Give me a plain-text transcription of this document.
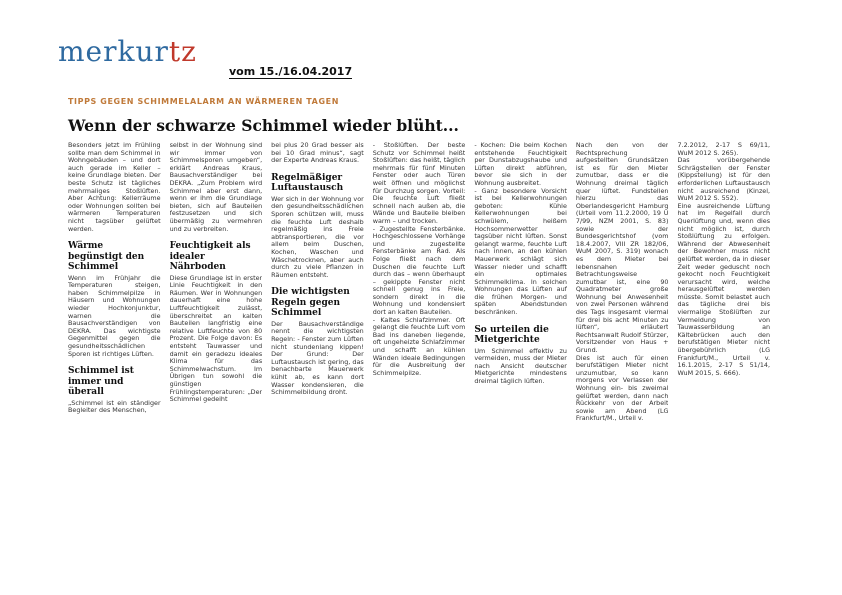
merkurtz
vom 15./16.04.2017
TIPPS GEGEN SCHIMMELALARM AN WÄRMEREN TAGEN
Wenn der schwarze Schimmel wieder blüht...

Besonders jetzt im Frühling sollte man dem Schimmel in Wohngebäuden – und dort auch gerade im Keller – keine Grundlage bieten. Der beste Schutz ist tägliches mehrmaliges Stoßlüften. Aber Achtung: Kellerräume oder Wohnungen sollten bei wärmeren Temperaturen nicht tagsüber gelüftet werden.

Wärme begünstigt den Schimmel

Wenn im Frühjahr die Temperaturen steigen, haben Schimmelpilze in Häusern und Wohnungen wieder Hochkonjunktur, warnen die Bausachverständigen von DEKRA. Das wichtigste Gegenmittel gegen die gesundheitsschädlichen Sporen ist richtiges Lüften.

Schimmel ist immer und überall

„Schimmel ist ein ständiger Begleiter des Menschen,

selbst in der Wohnung sind wir immer von Schimmelsporen umgeben“, erklärt Andreas Kraus, Bausachverständiger bei DEKRA. „Zum Problem wird Schimmel aber erst dann, wenn er ihm die Grundlage bieten, sich auf Bauteilen festzusetzen und sich übermäßig zu vermehren und zu verbreiten.

Feuchtigkeit als idealer Nährboden

Diese Grundlage ist in erster Linie Feuchtigkeit in den Räumen. Wer in Wohnungen dauerhaft eine hohe Luftfeuchtigkeit zulässt, überschreitet an kalten Bauteilen langfristig eine relative Luftfeuchte von 80 Prozent. Die Folge davon: Es entsteht Tauwasser und damit ein geradezu ideales Klima für das Schimmelwachstum. Im Übrigen tun sowohl die günstigen Frühlingstemperaturen: „Der Schimmel gedeiht

bei plus 20 Grad besser als bei 10 Grad minus“, sagt der Experte Andreas Kraus.

Regelmäßiger Luftaustausch

Wer sich in der Wohnung vor den gesundheitsschädlichen Sporen schützen will, muss die feuchte Luft deshalb regelmäßig ins Freie abtransportieren, die vor allem beim Duschen, Kochen, Waschen und Wäschetrocknen, aber auch durch zu viele Pflanzen in Räumen entsteht.

Die wichtigsten Regeln gegen Schimmel

Der Bausachverständige nennt die wichtigsten Regeln: - Fenster zum Lüften nicht stundenlang kippen! Der Grund: Der Luftaustausch ist gering, das benachbarte Mauerwerk kühlt ab, es kann dort Wasser kondensieren, die Schimmelbildung droht.

- Stoßlüften. Der beste Schutz vor Schimmel heißt Stoßlüften: das heißt, täglich mehrmals für fünf Minuten Fenster oder auch Türen weit öffnen und möglichst für Durchzug sorgen. Vorteil: Die feuchte Luft fließt schnell nach außen ab, die Wände und Bauteile bleiben warm – und trocken.

- Zugestellte Fensterbänke. Hochgeschlossene Vorhänge und zugestellte Fensterbänke am Rad. Als Folge fließt nach dem Duschen die feuchte Luft durch das – wenn überhaupt – gekippte Fenster nicht schnell genug ins Freie, sondern direkt in die Wohnung und kondensiert dort an kalten Bauteilen.

- Kaltes Schlafzimmer. Oft gelangt die feuchte Luft vom Bad ins daneben liegende, oft ungeheizte Schlafzimmer und schafft an kühlen Wänden ideale Bedingungen für die Ausbreitung der Schimmelpilze.

- Kochen: Die beim Kochen entstehende Feuchtigkeit per Dunstabzugshaube und Lüften direkt abführen, bevor sie sich in der Wohnung ausbreitet.

- Ganz besondere Vorsicht ist bei Kellerwohnungen geboten: Kühle Kellerwohnungen bei schwülem, heißem Hochsommerwetter tagsüber nicht lüften. Sonst gelangt warme, feuchte Luft nach innen, an den kühlen Mauerwerk schlägt sich Wasser nieder und schafft ein optimales Schimmelklima. In solchen Wohnungen das Lüften auf die frühen Morgen- und späten Abendstunden beschränken.

So urteilen die Mietgerichte

Um Schimmel effektiv zu vermeiden, muss der Mieter nach Ansicht deutscher Mietgerichte mindestens dreimal täglich lüften.

Nach den von der Rechtsprechung aufgestellten Grundsätzen ist es für den Mieter zumutbar, dass er die Wohnung dreimal täglich quer lüftet. Fundstellen hierzu das Oberlandesgericht Hamburg (Urteil vom 11.2.2000, 19 U 7/99, NZM 2001, S. 83) sowie der Bundesgerichtshof (vom 18.4.2007, VIII ZR 182/06, WuM 2007, S. 319) wonach es dem Mieter bei lebensnahen Betrachtungsweise zumutbar ist, eine 90 Quadratmeter große Wohnung bei Anwesenheit von zwei Personen während des Tags insgesamt viermal für drei bis acht Minuten zu lüften“, erläutert Rechtsanwalt Rudolf Stürzer, Vorsitzender von Haus + Grund.

Dies ist auch für einen berufstätigen Mieter nicht unzumutbar, so kann morgens vor Verlassen der Wohnung ein- bis zweimal gelüftet werden, dann nach Rückkehr von der Arbeit sowie am Abend (LG Frankfurt/M., Urteil v.

7.2.2012, 2-17 S 69/11, WuM 2012 S. 265).

Das vorübergehende Schrägstellen der Fenster (Kippstellung) ist für den erforderlichen Luftaustausch nicht ausreichend (Kinzel, WuM 2012 S. 552).

Eine ausreichende Lüftung hat im Regelfall durch Querlüftung und, wenn dies nicht möglich ist, durch Stoßlüftung zu erfolgen. Während der Abwesenheit der Bewohner muss nicht gelüftet werden, da in dieser Zeit weder geduscht noch gekocht noch Feuchtigkeit verursacht wird, welche herausgelüftet werden müsste. Somit belastet auch das tägliche drei bis viermalige Stoßlüften zur Vermeidung von Tauwasserbildung an Kältebrücken auch den berufstätigen Mieter nicht übergebührlich (LG Frankfurt/M., Urteil v. 16.1.2015, 2-17 S 51/14, WuM 2015, S. 666).
